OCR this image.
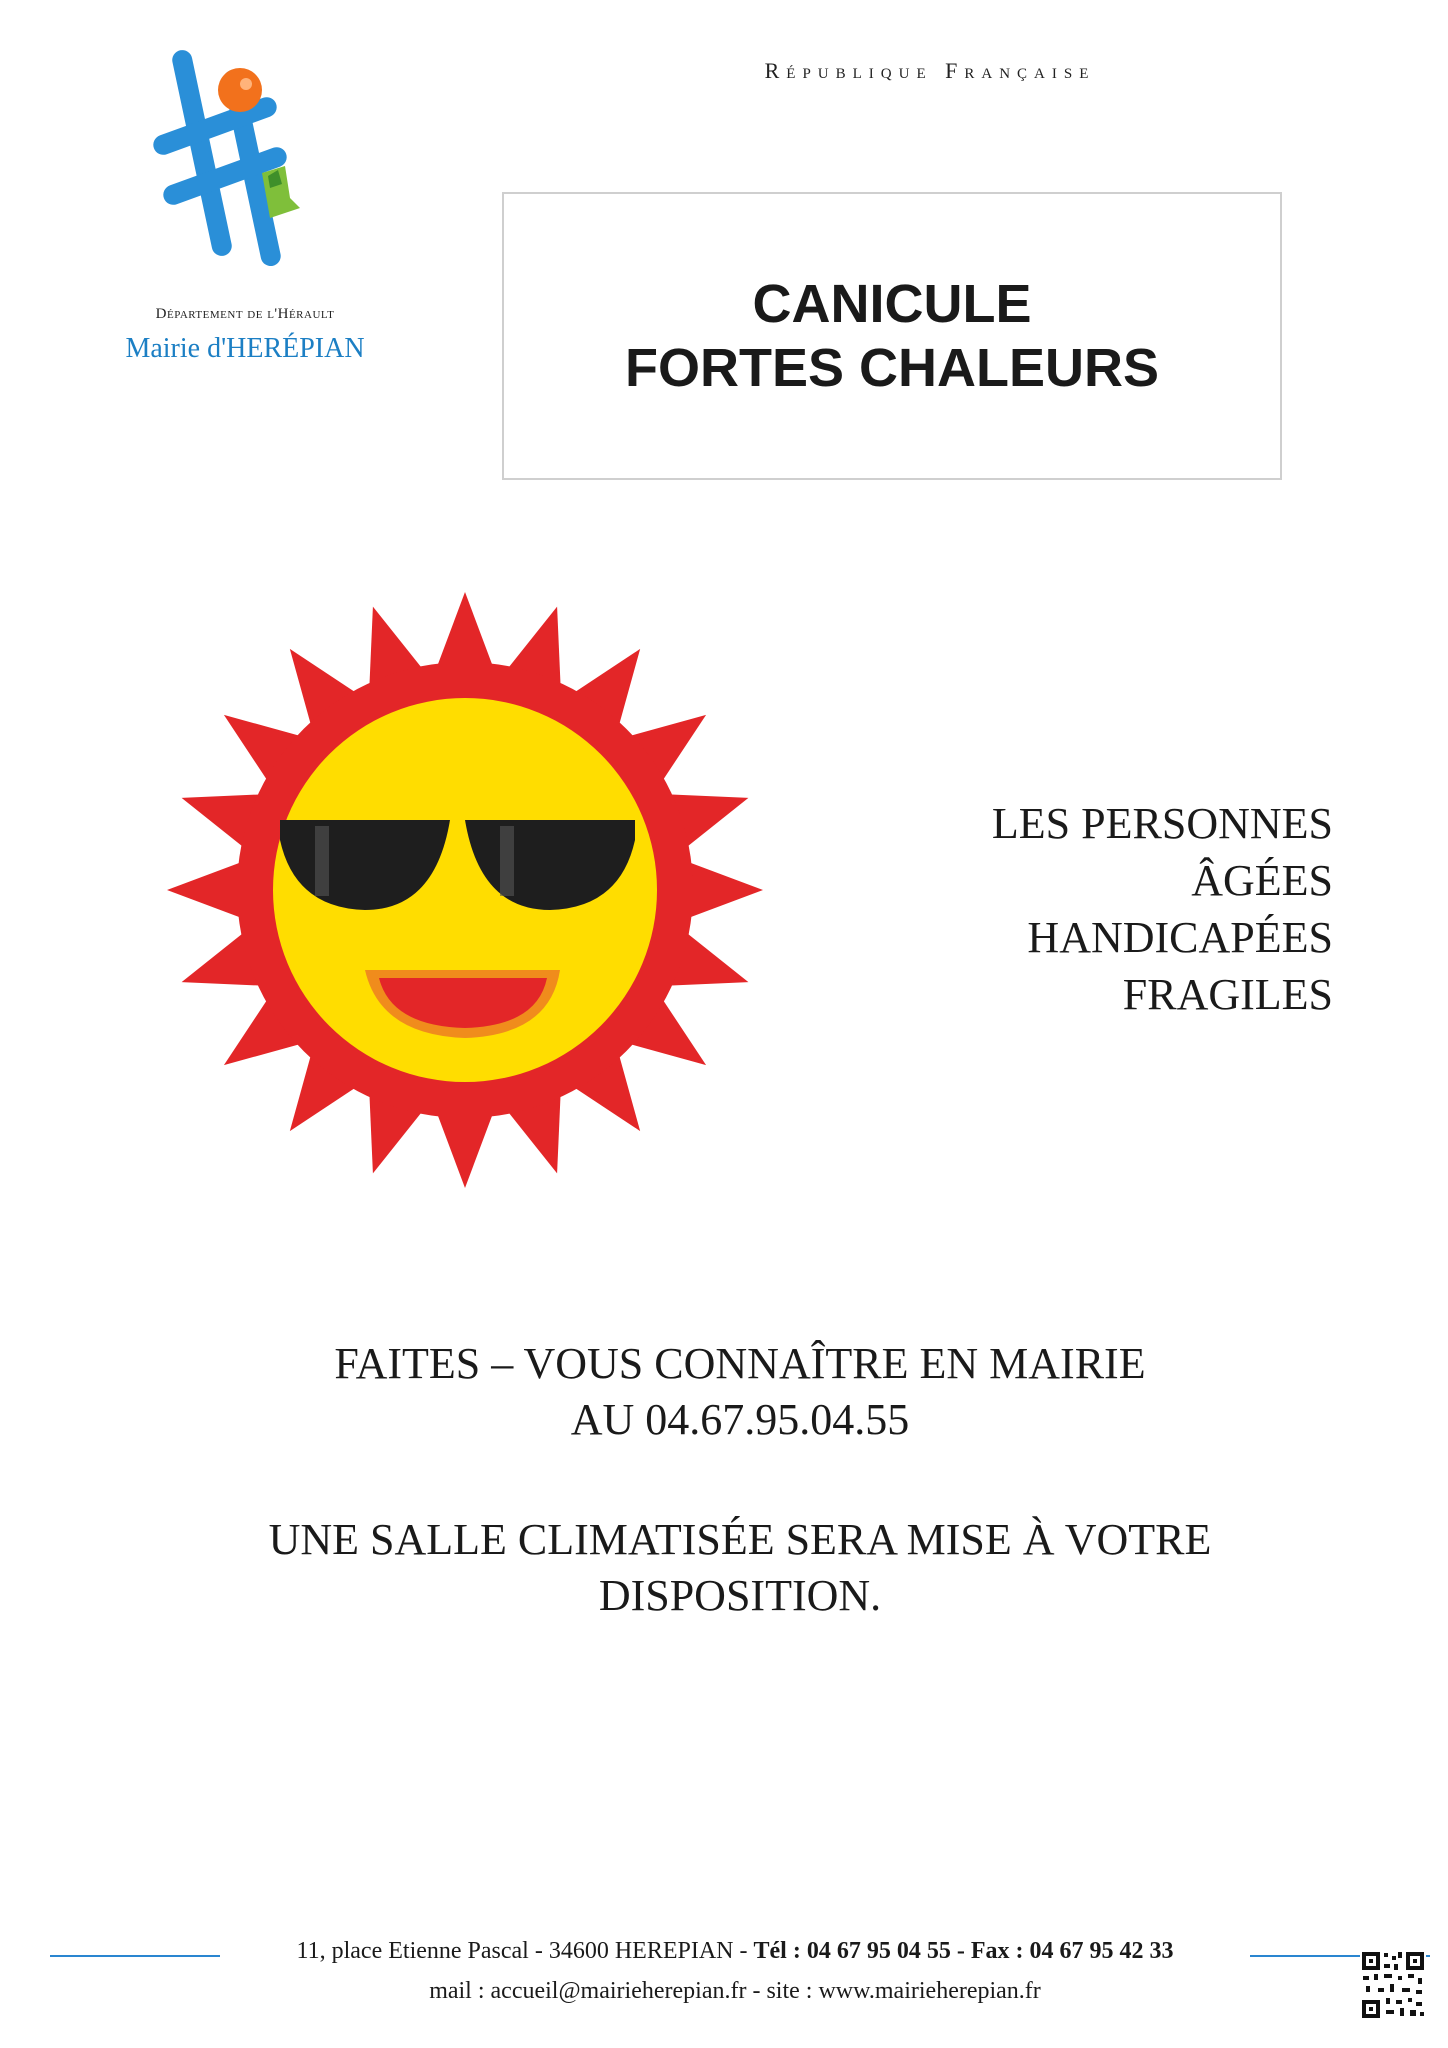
Département de l'Hérault
Mairie d'HERÉPIAN
République Française
CANICULE
FORTES CHALEURS
LES PERSONNES
ÂGÉES
HANDICAPÉES
FRAGILES
FAITES – VOUS CONNAÎTRE EN MAIRIE
AU 04.67.95.04.55
UNE SALLE CLIMATISÉE SERA MISE À VOTRE
DISPOSITION.
11, place Etienne Pascal - 34600 HEREPIAN - Tél : 04 67 95 04 55 - Fax : 04 67 95 42 33
mail : accueil@mairieherepian.fr - site : www.mairieherepian.fr
